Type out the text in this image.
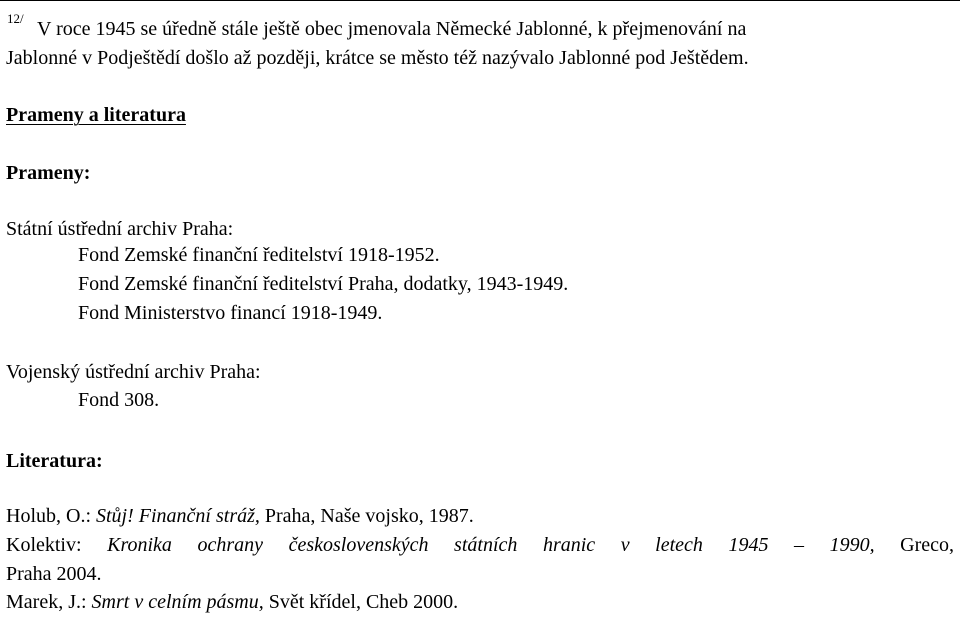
12/ V roce 1945 se úředně stále ještě obec jmenovala Německé Jablonné, k přejmenování na
Jablonné v Podještědí došlo až později, krátce se město též nazývalo Jablonné pod Ještědem.
Prameny a literatura
Prameny:
Státní ústřední archiv Praha:
Fond Zemské finanční ředitelství 1918-1952.
Fond Zemské finanční ředitelství Praha, dodatky, 1943-1949.
Fond Ministerstvo financí 1918-1949.
Vojenský ústřední archiv Praha:
Fond 308.
Literatura:
Holub, O.: Stůj! Finanční stráž, Praha, Naše vojsko, 1987.
Kolektiv: Kronika ochrany československých státních hranic v letech 1945 – 1990, Greco,
Praha 2004.
Marek, J.: Smrt v celním pásmu, Svět křídel, Cheb 2000.
